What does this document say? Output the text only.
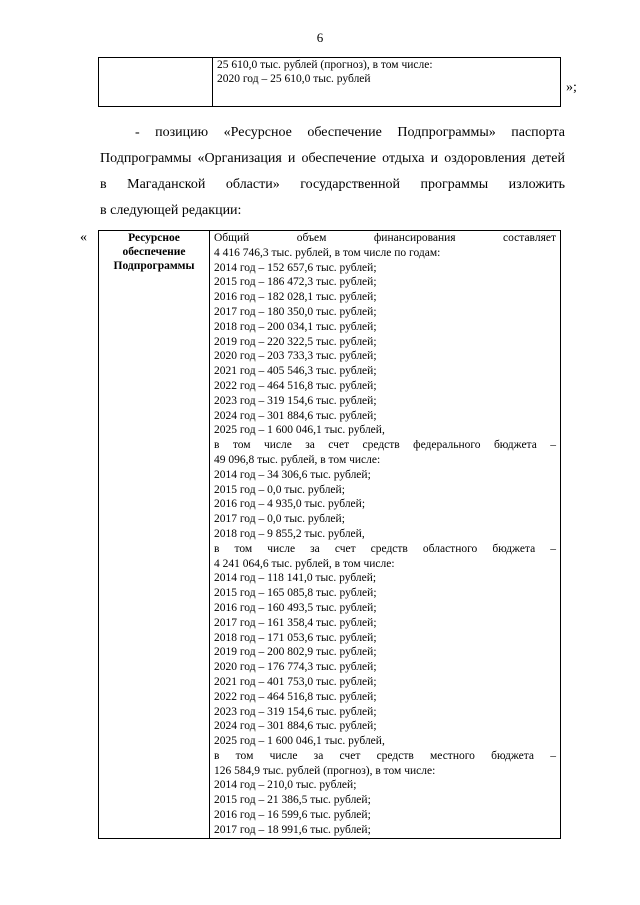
6

25 610,0 тыс. рублей (прогноз), в том числе:
2020 год – 25 610,0 тыс. рублей
»;
- позицию «Ресурсное обеспечение Подпрограммы» паспорта
Подпрограммы «Организация и обеспечение отдыха и оздоровления детей
в Магаданской области» государственной программы изложить
в следующей редакции:
«	Ресурсное
обеспечение
Подпрограммы

Общий объем финансирования составляет
4 416 746,3 тыс. рублей, в том числе по годам:
2014 год – 152 657,6 тыс. рублей;
2015 год – 186 472,3 тыс. рублей;
2016 год – 182 028,1 тыс. рублей;
2017 год – 180 350,0 тыс. рублей;
2018 год – 200 034,1 тыс. рублей;
2019 год – 220 322,5 тыс. рублей;
2020 год – 203 733,3 тыс. рублей;
2021 год – 405 546,3 тыс. рублей;
2022 год – 464 516,8 тыс. рублей;
2023 год – 319 154,6 тыс. рублей;
2024 год – 301 884,6 тыс. рублей;
2025 год – 1 600 046,1 тыс. рублей,
в том числе за счет средств федерального бюджета –
49 096,8 тыс. рублей, в том числе:
2014 год – 34 306,6 тыс. рублей;
2015 год – 0,0 тыс. рублей;
2016 год – 4 935,0 тыс. рублей;
2017 год – 0,0 тыс. рублей;
2018 год – 9 855,2 тыс. рублей,
в том числе за счет средств областного бюджета –
4 241 064,6 тыс. рублей, в том числе:
2014 год – 118 141,0 тыс. рублей;
2015 год – 165 085,8 тыс. рублей;
2016 год – 160 493,5 тыс. рублей;
2017 год – 161 358,4 тыс. рублей;
2018 год – 171 053,6 тыс. рублей;
2019 год – 200 802,9 тыс. рублей;
2020 год – 176 774,3 тыс. рублей;
2021 год – 401 753,0 тыс. рублей;
2022 год – 464 516,8 тыс. рублей;
2023 год – 319 154,6 тыс. рублей;
2024 год – 301 884,6 тыс. рублей;
2025 год – 1 600 046,1 тыс. рублей,
в том числе за счет средств местного бюджета –
126 584,9 тыс. рублей (прогноз), в том числе:
2014 год – 210,0 тыс. рублей;
2015 год – 21 386,5 тыс. рублей;
2016 год – 16 599,6 тыс. рублей;
2017 год – 18 991,6 тыс. рублей;
